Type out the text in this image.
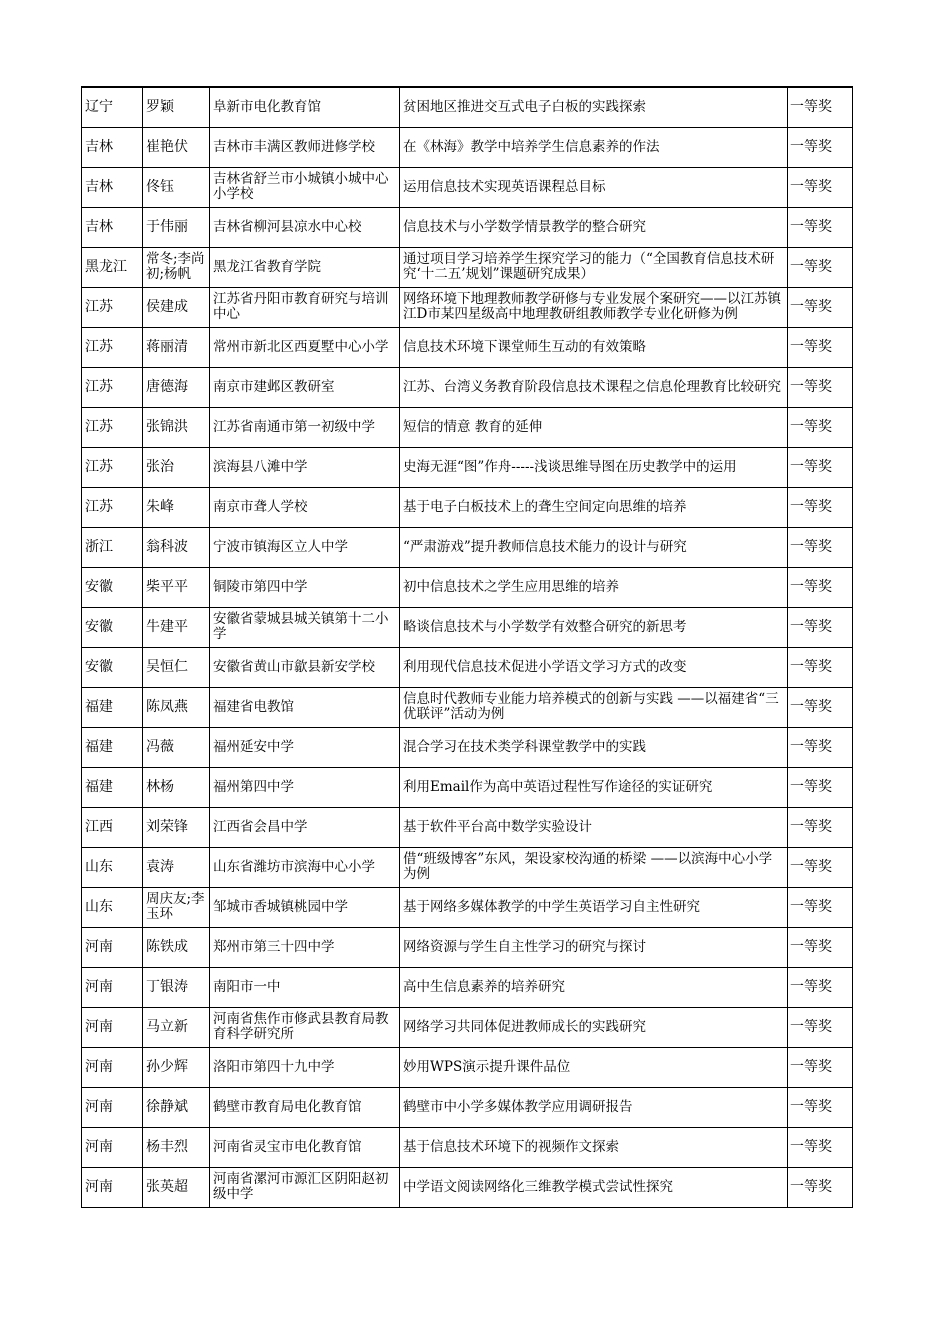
辽宁	罗颖	阜新市电化教育馆	贫困地区推进交互式电子白板的实践探索	一等奖
吉林	崔艳伏	吉林市丰满区教师进修学校	在《林海》教学中培养学生信息素养的作法	一等奖
吉林	佟钰	吉林省舒兰市小城镇小城中心小学校	运用信息技术实现英语课程总目标	一等奖
吉林	于伟丽	吉林省柳河县凉水中心校	信息技术与小学数学情景教学的整合研究	一等奖
黑龙江	常冬;李尚初;杨帆	黑龙江省教育学院	通过项目学习培养学生探究学习的能力（“全国教育信息技术研究‘十二五’规划”课题研究成果）	一等奖
江苏	侯建成	江苏省丹阳市教育研究与培训中心	网络环境下地理教师教学研修与专业发展个案研究——以江苏镇江D市某四星级高中地理教研组教师教学专业化研修为例	一等奖
江苏	蒋丽清	常州市新北区西夏墅中心小学	信息技术环境下课堂师生互动的有效策略	一等奖
江苏	唐德海	南京市建邺区教研室	江苏、台湾义务教育阶段信息技术课程之信息伦理教育比较研究	一等奖
江苏	张锦洪	江苏省南通市第一初级中学	短信的情意 教育的延伸	一等奖
江苏	张治	滨海县八滩中学	史海无涯“图”作舟-----浅谈思维导图在历史教学中的运用	一等奖
江苏	朱峰	南京市聋人学校	基于电子白板技术上的聋生空间定向思维的培养	一等奖
浙江	翁科波	宁波市镇海区立人中学	“严肃游戏”提升教师信息技术能力的设计与研究	一等奖
安徽	柴平平	铜陵市第四中学	初中信息技术之学生应用思维的培养	一等奖
安徽	牛建平	安徽省蒙城县城关镇第十二小学	略谈信息技术与小学数学有效整合研究的新思考	一等奖
安徽	吴恒仁	安徽省黄山市歙县新安学校	利用现代信息技术促进小学语文学习方式的改变	一等奖
福建	陈凤燕	福建省电教馆	信息时代教师专业能力培养模式的创新与实践 ——以福建省“三优联评”活动为例	一等奖
福建	冯薇	福州延安中学	混合学习在技术类学科课堂教学中的实践	一等奖
福建	林杨	福州第四中学	利用Email作为高中英语过程性写作途径的实证研究	一等奖
江西	刘荣锋	江西省会昌中学	基于软件平台高中数学实验设计	一等奖
山东	袁涛	山东省潍坊市滨海中心小学	借“班级博客”东风，架设家校沟通的桥梁 ——以滨海中心小学为例	一等奖
山东	周庆友;李玉环	邹城市香城镇桃园中学	基于网络多媒体教学的中学生英语学习自主性研究	一等奖
河南	陈铁成	郑州市第三十四中学	网络资源与学生自主性学习的研究与探讨	一等奖
河南	丁银涛	南阳市一中	高中生信息素养的培养研究	一等奖
河南	马立新	河南省焦作市修武县教育局教育科学研究所	网络学习共同体促进教师成长的实践研究	一等奖
河南	孙少辉	洛阳市第四十九中学	妙用WPS演示提升课件品位	一等奖
河南	徐静斌	鹤壁市教育局电化教育馆	鹤壁市中小学多媒体教学应用调研报告	一等奖
河南	杨丰烈	河南省灵宝市电化教育馆	基于信息技术环境下的视频作文探索	一等奖
河南	张英超	河南省漯河市源汇区阴阳赵初级中学	中学语文阅读网络化三维教学模式尝试性探究	一等奖
